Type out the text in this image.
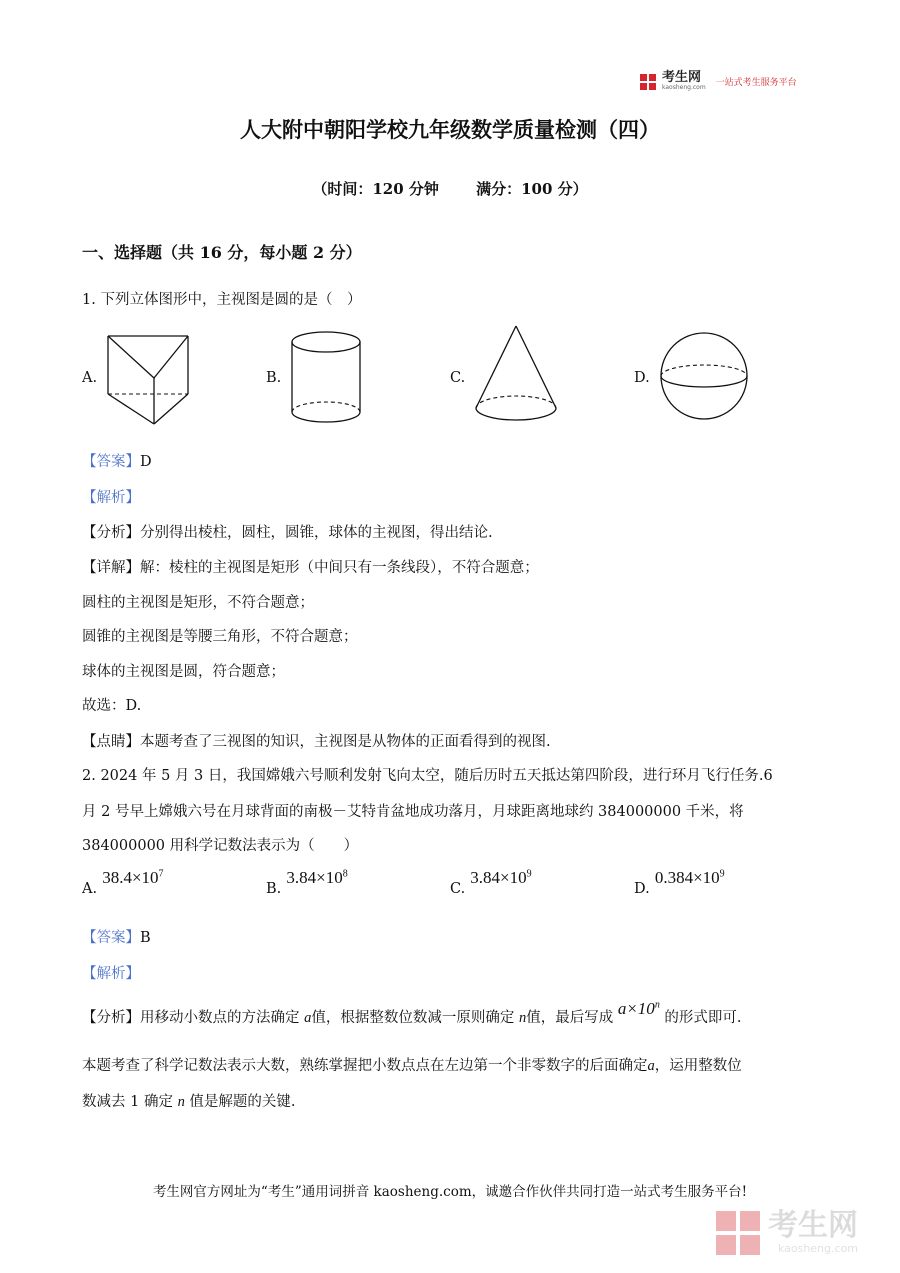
考生网
kaosheng.com 一站式考生服务平台
人大附中朝阳学校九年级数学质量检测（四）
（时间：120 分钟 满分：100 分）
一、选择题（共 16 分，每小题 2 分）
1. 下列立体图形中，主视图是圆的是（　）
A.	B.	C.	D.
【答案】D
【解析】
【分析】分别得出棱柱，圆柱，圆锥，球体的主视图，得出结论.
【详解】解：棱柱的主视图是矩形（中间只有一条线段），不符合题意；
圆柱的主视图是矩形，不符合题意；
圆锥的主视图是等腰三角形，不符合题意；
球体的主视图是圆，符合题意；
故选：D.
【点睛】本题考查了三视图的知识，主视图是从物体的正面看得到的视图.
2. 2024 年 5 月 3 日，我国嫦娥六号顺利发射飞向太空，随后历时五天抵达第四阶段，进行环月飞行任务.6
月 2 号早上嫦娥六号在月球背面的南极－艾特肯盆地成功落月，月球距离地球约 384000000 千米，将
384000000 用科学记数法表示为（　　）
A. $38.4\times 10^7$
B. $3.84\times 10^8$
C. $3.84\times 10^9$
D. $0.384\times 10^9$
【答案】B
【解析】
【分析】用移动小数点的方法确定 a值，根据整数位数减一原则确定 n值，最后写成 $a\times 10^n$ 的形式即可.
本题考查了科学记数法表示大数，熟练掌握把小数点点在左边第一个非零数字的后面确定a，运用整数位
数减去 1 确定 n 值是解题的关键.
考生网官方网址为“考生”通用词拼音 kaosheng.com，诚邀合作伙伴共同打造一站式考生服务平台!
考生网
kaosheng.com
